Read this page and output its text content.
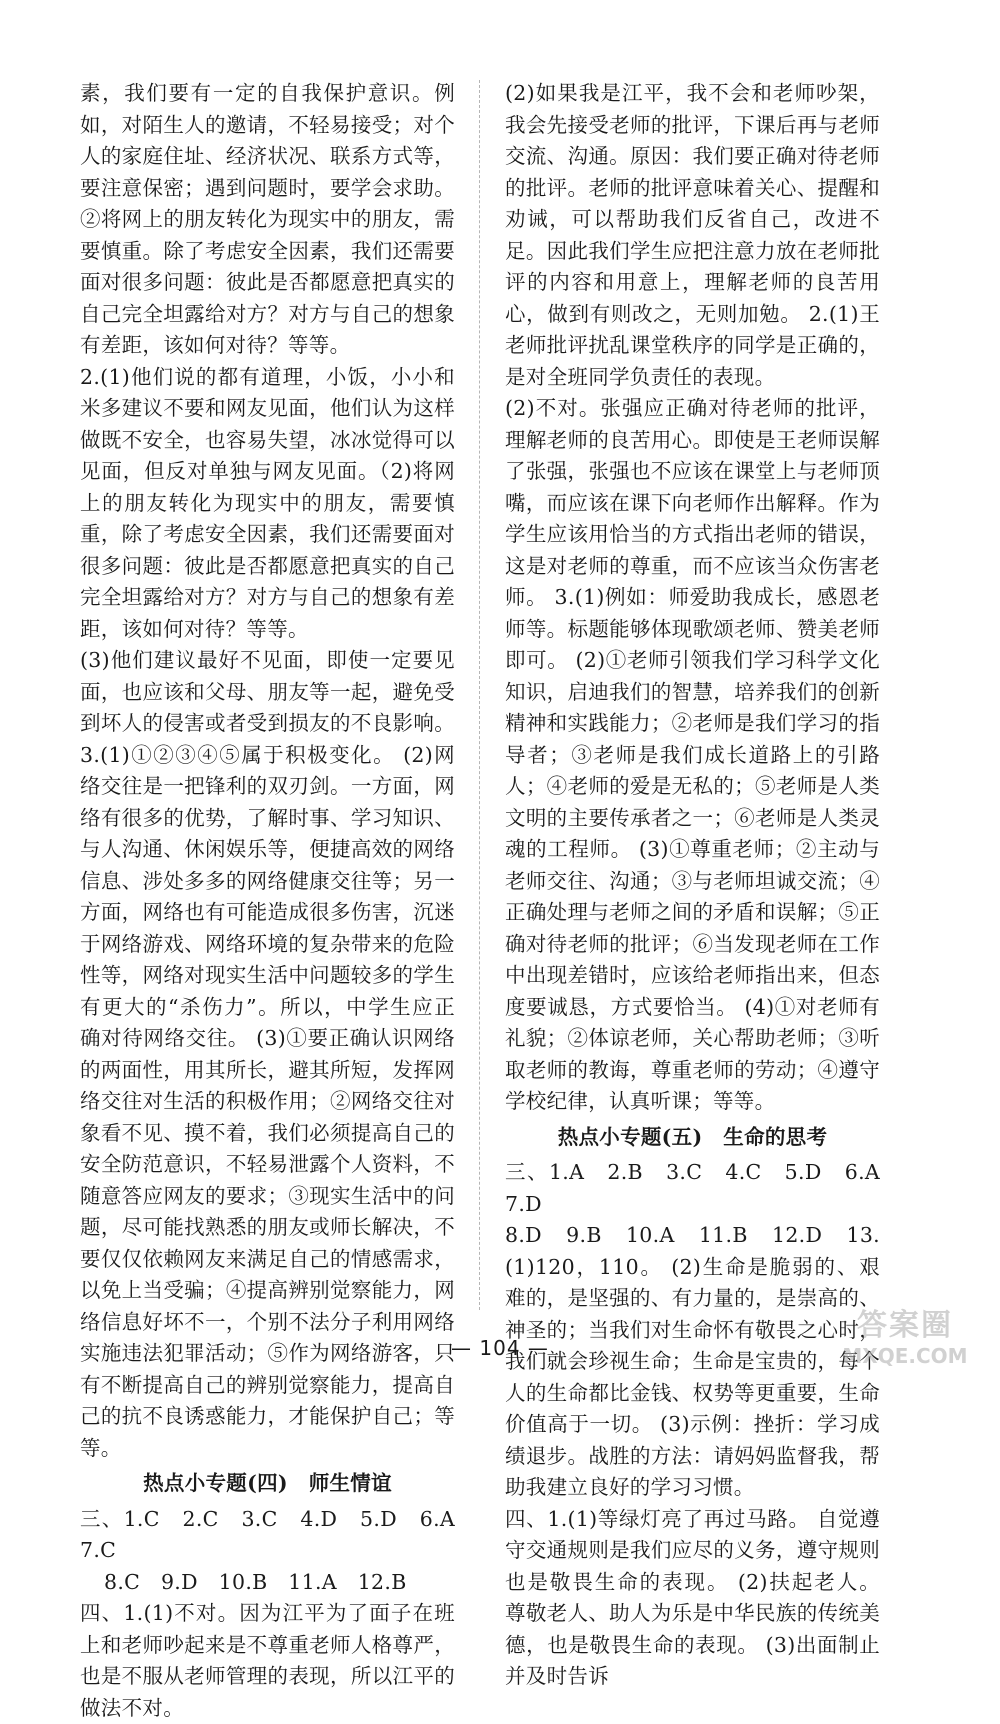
素，我们要有一定的自我保护意识。例如，对陌生人的邀请，不轻易接受；对个人的家庭住址、经济状况、联系方式等，要注意保密；遇到问题时，要学会求助。②将网上的朋友转化为现实中的朋友，需要慎重。除了考虑安全因素，我们还需要面对很多问题：彼此是否都愿意把真实的自己完全坦露给对方？对方与自己的想象有差距，该如何对待？等等。

2.(1)他们说的都有道理，小饭，小小和米多建议不要和网友见面，他们认为这样做既不安全，也容易失望，冰冰觉得可以见面，但反对单独与网友见面。（2)将网上的朋友转化为现实中的朋友，需要慎重，除了考虑安全因素，我们还需要面对很多问题：彼此是否都愿意把真实的自己完全坦露给对方？对方与自己的想象有差距，该如何对待？等等。

(3)他们建议最好不见面，即使一定要见面，也应该和父母、朋友等一起，避免受到坏人的侵害或者受到损友的不良影响。 3.(1)①②③④⑤属于积极变化。 (2)网络交往是一把锋利的双刃剑。一方面，网络有很多的优势，了解时事、学习知识、与人沟通、休闲娱乐等，便捷高效的网络信息、涉处多多的网络健康交往等；另一方面，网络也有可能造成很多伤害，沉迷于网络游戏、网络环境的复杂带来的危险性等，网络对现实生活中问题较多的学生有更大的“杀伤力”。所以，中学生应正确对待网络交往。 (3)①要正确认识网络的两面性，用其所长，避其所短，发挥网络交往对生活的积极作用；②网络交往对象看不见、摸不着，我们必须提高自己的安全防范意识，不轻易泄露个人资料，不随意答应网友的要求；③现实生活中的问题，尽可能找熟悉的朋友或师长解决，不要仅仅依赖网友来满足自己的情感需求，以免上当受骗；④提高辨别觉察能力，网络信息好坏不一，个别不法分子利用网络实施违法犯罪活动；⑤作为网络游客，只有不断提高自己的辨别觉察能力，提高自己的抗不良诱惑能力，才能保护自己；等等。

热点小专题(四)　师生情谊

三、1.C　2.C　3.C　4.D　5.D　6.A　7.C

8.C　9.D　10.B　11.A　12.B

四、1.(1)不对。因为江平为了面子在班上和老师吵起来是不尊重老师人格尊严，也是不服从老师管理的表现，所以江平的做法不对。

(2)如果我是江平，我不会和老师吵架，我会先接受老师的批评，下课后再与老师交流、沟通。原因：我们要正确对待老师的批评。老师的批评意味着关心、提醒和劝诫，可以帮助我们反省自己，改进不足。因此我们学生应把注意力放在老师批评的内容和用意上，理解老师的良苦用心，做到有则改之，无则加勉。 2.(1)王老师批评扰乱课堂秩序的同学是正确的，是对全班同学负责任的表现。

(2)不对。张强应正确对待老师的批评，理解老师的良苦用心。即使是王老师误解了张强，张强也不应该在课堂上与老师顶嘴，而应该在课下向老师作出解释。作为学生应该用恰当的方式指出老师的错误，这是对老师的尊重，而不应该当众伤害老师。 3.(1)例如：师爱助我成长，感恩老师等。标题能够体现歌颂老师、赞美老师即可。 (2)①老师引领我们学习科学文化知识，启迪我们的智慧，培养我们的创新精神和实践能力；②老师是我们学习的指导者；③老师是我们成长道路上的引路人；④老师的爱是无私的；⑤老师是人类文明的主要传承者之一；⑥老师是人类灵魂的工程师。 (3)①尊重老师；②主动与老师交往、沟通；③与老师坦诚交流；④正确处理与老师之间的矛盾和误解；⑤正确对待老师的批评；⑥当发现老师在工作中出现差错时，应该给老师指出来，但态度要诚恳，方式要恰当。 (4)①对老师有礼貌；②体谅老师，关心帮助老师；③听取老师的教诲，尊重老师的劳动；④遵守学校纪律，认真听课；等等。

热点小专题(五)　生命的思考

三、1.A　2.B　3.C　4.C　5.D　6.A　7.D

8.D　9.B　10.A　11.B　12.D　13.(1)120，110。 (2)生命是脆弱的、艰难的，是坚强的、有力量的，是崇高的、神圣的；当我们对生命怀有敬畏之心时，我们就会珍视生命；生命是宝贵的，每个人的生命都比金钱、权势等更重要，生命价值高于一切。 (3)示例：挫折：学习成绩退步。战胜的方法：请妈妈监督我，帮助我建立良好的学习习惯。

四、1.(1)等绿灯亮了再过马路。 自觉遵守交通规则是我们应尽的义务，遵守规则也是敬畏生命的表现。 (2)扶起老人。 尊敬老人、助人为乐是中华民族的传统美德，也是敬畏生命的表现。 (3)出面制止并及时告诉

— 104 —
答案圈
MXQE.COM
